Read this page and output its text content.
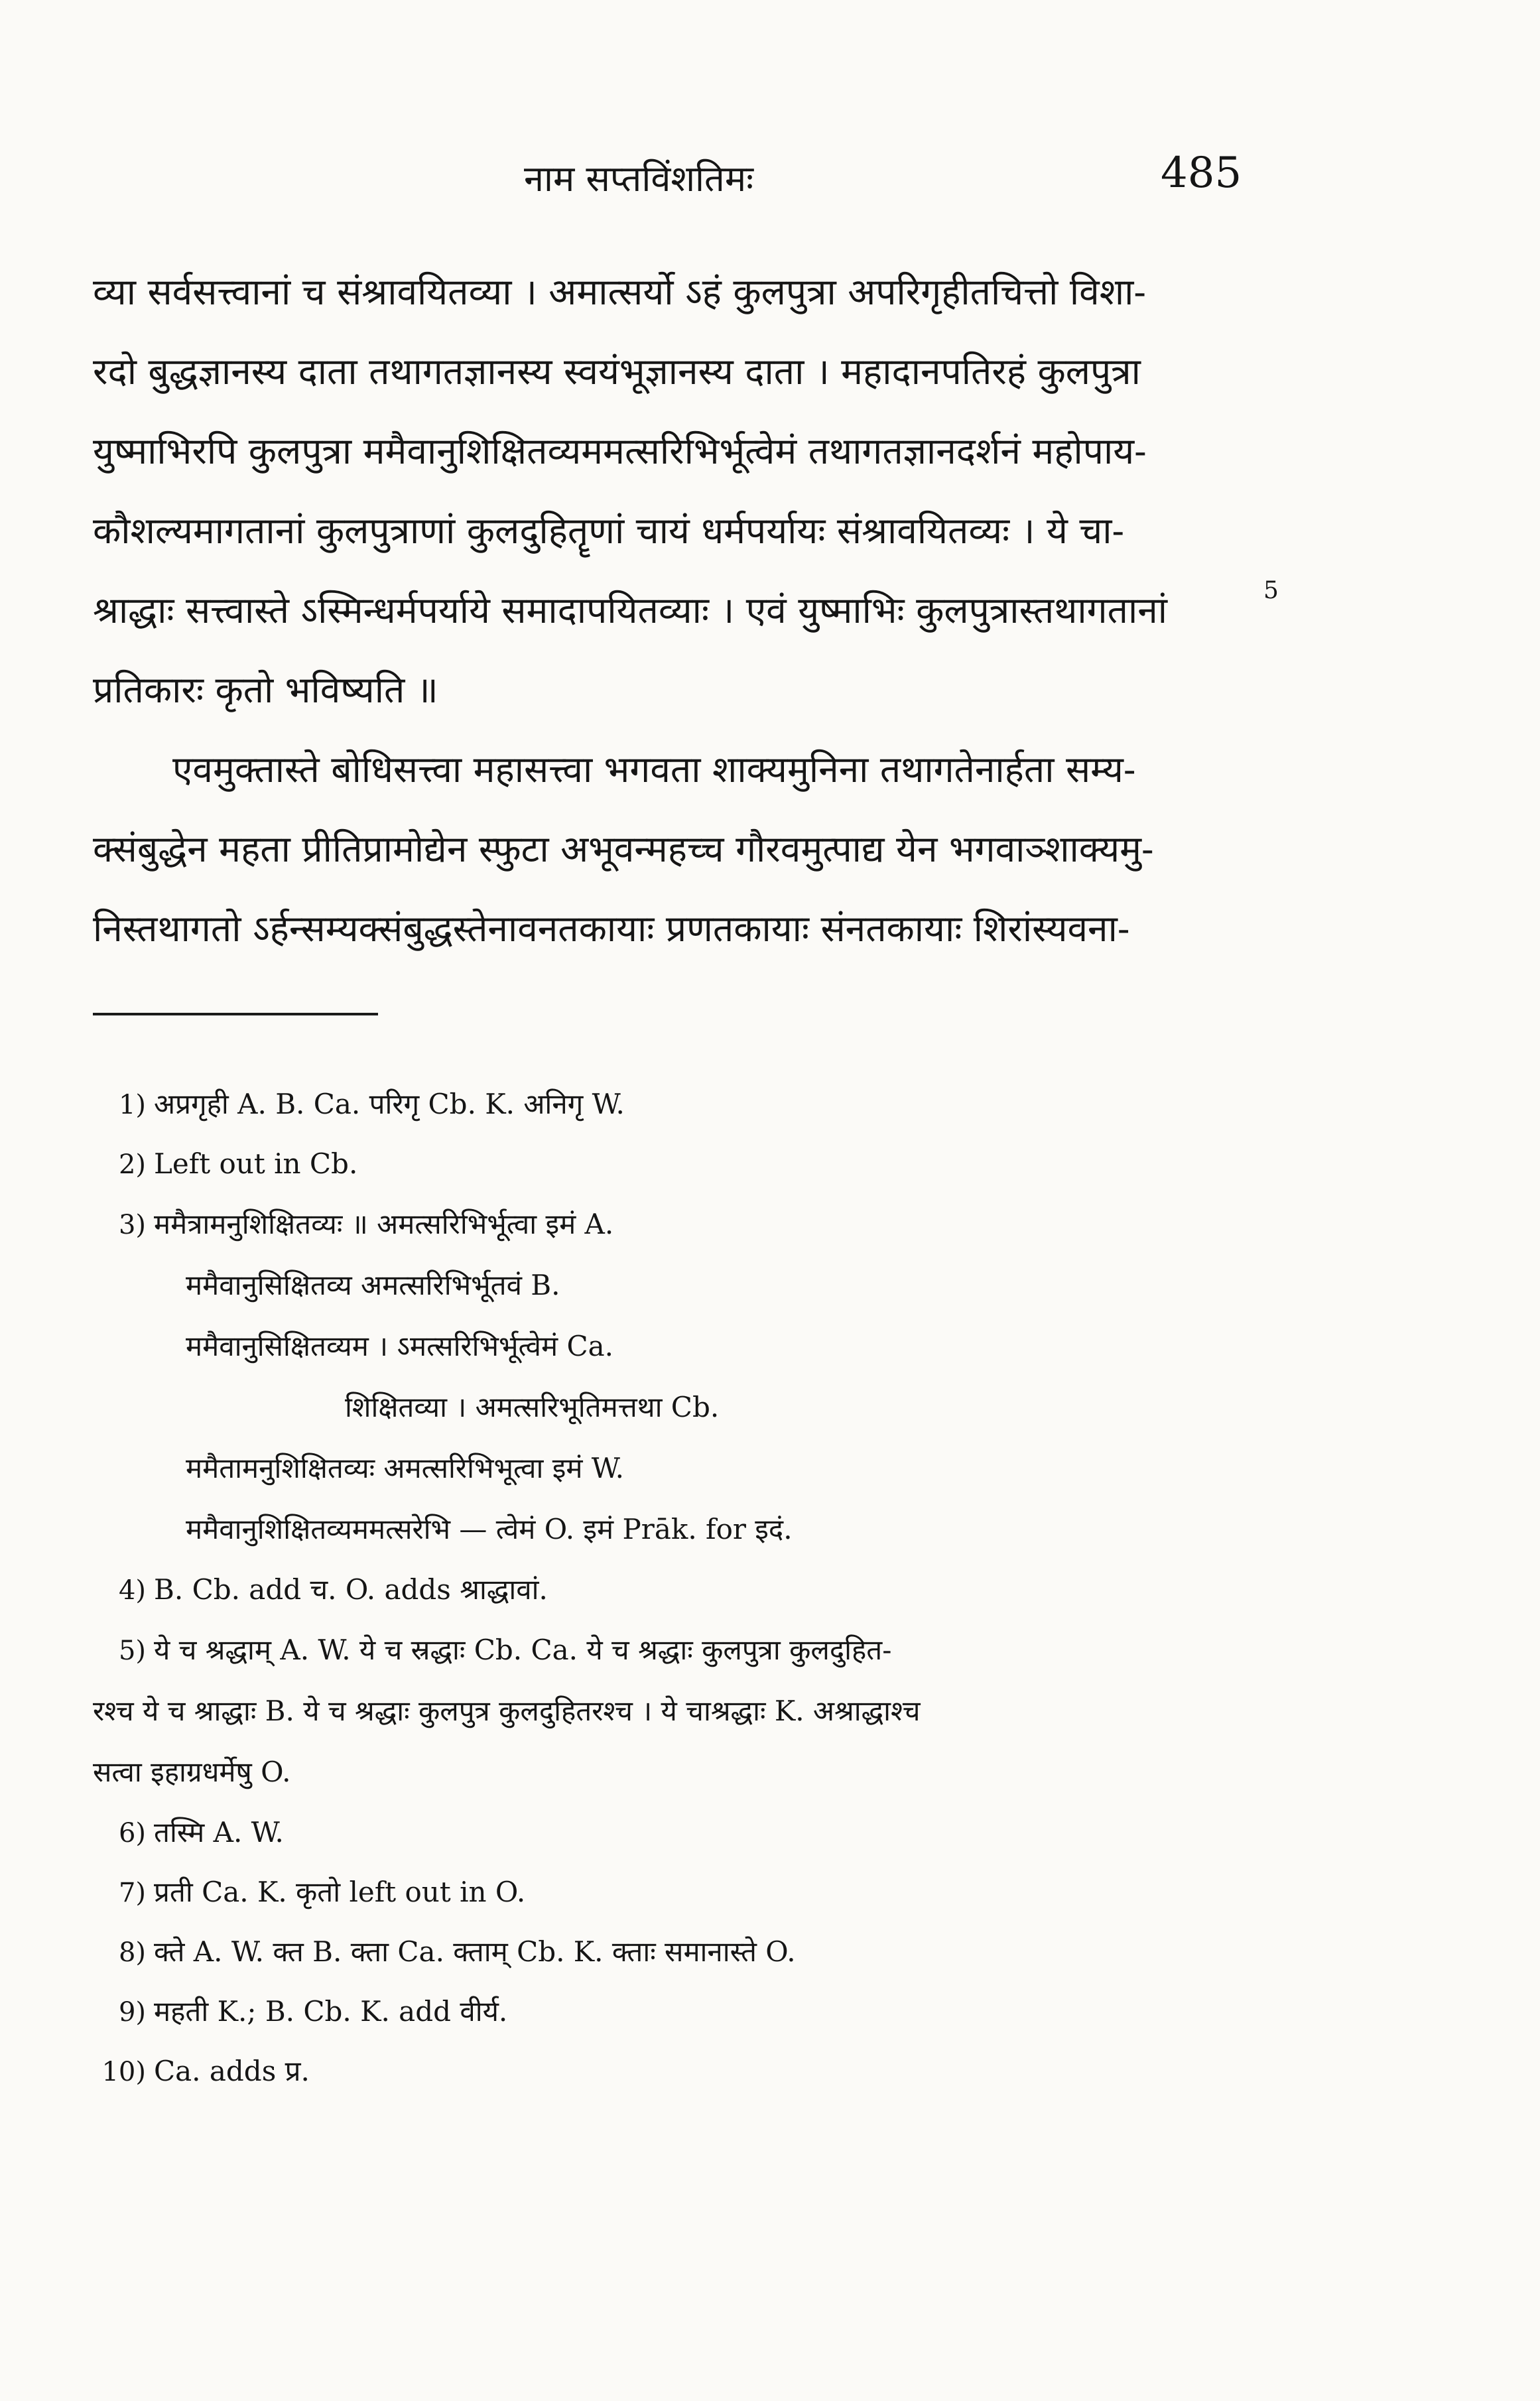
नाम सप्तविंशतिमः	485
व्या सर्वसत्त्वानां च संश्रावयितव्या । अमात्सर्यो ऽहं कुलपुत्रा अपरिगृहीतचित्तो विशा-
रदो बुद्धज्ञानस्य दाता तथागतज्ञानस्य स्वयंभूज्ञानस्य दाता । महादानपतिरहं कुलपुत्रा
युष्माभिरपि कुलपुत्रा ममैवानुशिक्षितव्यममत्सरिभिर्भूत्वेमं तथागतज्ञानदर्शनं महोपाय-
कौशल्यमागतानां कुलपुत्राणां कुलदुहितॄणां चायं धर्मपर्यायः संश्रावयितव्यः । ये चा-
श्राद्धाः सत्त्वास्ते ऽस्मिन्धर्मपर्याये समादापयितव्याः । एवं युष्माभिः कुलपुत्रास्तथागतानां
प्रतिकारः कृतो भविष्यति ॥
एवमुक्तास्ते बोधिसत्त्वा महासत्त्वा भगवता शाक्यमुनिना तथागतेनार्हता सम्य-
क्संबुद्धेन महता प्रीतिप्रामोद्येन स्फुटा अभूवन्महच्च गौरवमुत्पाद्य येन भगवाञ्शाक्यमु-
निस्तथागतो ऽर्हन्सम्यक्संबुद्धस्तेनावनतकायाः प्रणतकायाः संनतकायाः शिरांस्यवना-
5
1) अप्रगृही A. B. Ca. परिगृ Cb. K. अनिगृ W.
2) Left out in Cb.
3) ममैत्रामनुशिक्षितव्यः ॥ अमत्सरिभिर्भूत्वा इमं A.
ममैवानुसिक्षितव्य अमत्सरिभिर्भूतवं B.
ममैवानुसिक्षितव्यम । ऽमत्सरिभिर्भूत्वेमं Ca.
शिक्षितव्या । अमत्सरिभूतिमत्तथा Cb.
ममैतामनुशिक्षितव्यः अमत्सरिभिभूत्वा इमं W.
ममैवानुशिक्षितव्यममत्सरेभि — त्वेमं O. इमं Prāk. for इदं.
4) B. Cb. add च. O. adds श्राद्धावां.
5) ये च श्रद्धाम् A. W. ये च स्रद्धाः Cb. Ca. ये च श्रद्धाः कुलपुत्रा कुलदुहित-
रश्च ये च श्राद्धाः B. ये च श्रद्धाः कुलपुत्र कुलदुहितरश्च । ये चाश्रद्धाः K. अश्राद्धाश्च
सत्वा इहाग्रधर्मेषु O.
6) तस्मि A. W.
7) प्रती Ca. K. कृतो left out in O.
8) क्ते A. W. क्त B. क्ता Ca. क्ताम् Cb. K. क्ताः समानास्ते O.
9) महती K.; B. Cb. K. add वीर्य.
10) Ca. adds प्र.
